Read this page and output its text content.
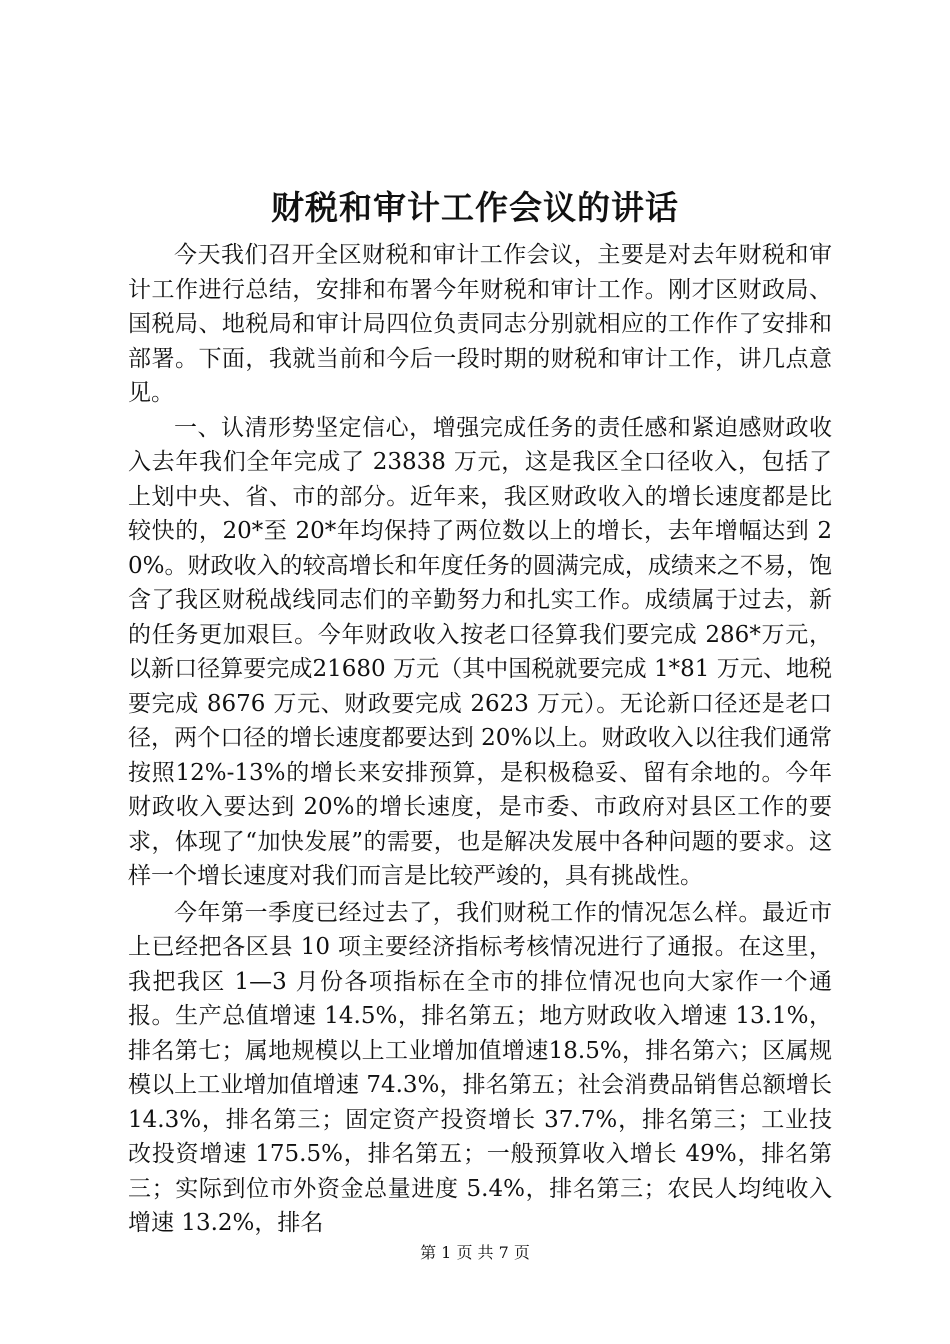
财税和审计工作会议的讲话

今天我们召开全区财税和审计工作会议，主要是对去年财税和审计工作进行总结，安排和布署今年财税和审计工作。刚才区财政局、国税局、地税局和审计局四位负责同志分别就相应的工作作了安排和部署。下面，我就当前和今后一段时期的财税和审计工作，讲几点意见。

一、认清形势坚定信心，增强完成任务的责任感和紧迫感财政收入去年我们全年完成了 23838 万元，这是我区全口径收入，包括了上划中央、省、市的部分。近年来，我区财政收入的增长速度都是比较快的，20*至 20*年均保持了两位数以上的增长，去年增幅达到 20%。财政收入的较高增长和年度任务的圆满完成，成绩来之不易，饱含了我区财税战线同志们的辛勤努力和扎实工作。成绩属于过去，新的任务更加艰巨。今年财政收入按老口径算我们要完成 286*万元，以新口径算要完成21680 万元（其中国税就要完成 1*81 万元、地税要完成 8676 万元、财政要完成 2623 万元）。无论新口径还是老口径，两个口径的增长速度都要达到 20%以上。财政收入以往我们通常按照12%-13%的增长来安排预算，是积极稳妥、留有余地的。今年财政收入要达到 20%的增长速度，是市委、市政府对县区工作的要求，体现了“加快发展”的需要，也是解决发展中各种问题的要求。这样一个增长速度对我们而言是比较严竣的，具有挑战性。

今年第一季度已经过去了，我们财税工作的情况怎么样。最近市上已经把各区县 10 项主要经济指标考核情况进行了通报。在这里，我把我区 1—3 月份各项指标在全市的排位情况也向大家作一个通报。生产总值增速 14.5%，排名第五；地方财政收入增速 13.1%，排名第七；属地规模以上工业增加值增速18.5%，排名第六；区属规模以上工业增加值增速 74.3%，排名第五；社会消费品销售总额增长 14.3%，排名第三；固定资产投资增长 37.7%，排名第三；工业技改投资增速 175.5%，排名第五；一般预算收入增长 49%，排名第三；实际到位市外资金总量进度 5.4%，排名第三；农民人均纯收入增速 13.2%，排名

第 1 页 共 7 页
